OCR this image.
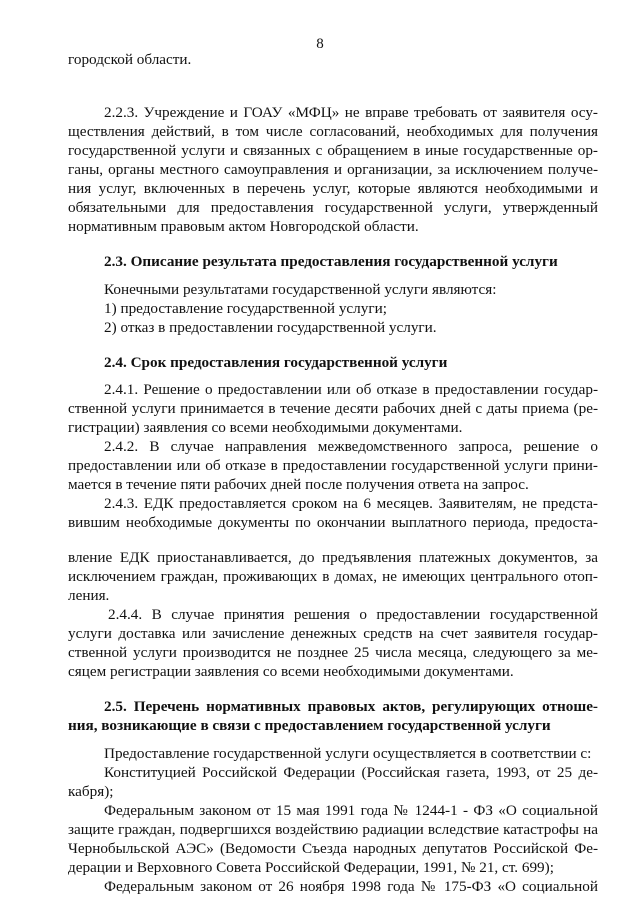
8
городской области.
2.2.3. Учреждение и ГОАУ «МФЦ» не вправе требовать от заявителя осу-
ществления действий, в том числе согласований, необходимых для получения
государственной услуги и связанных с обращением в иные государственные ор-
ганы, органы местного самоуправления и организации, за исключением получе-
ния услуг, включенных в перечень услуг, которые являются необходимыми и
обязательными для предоставления государственной услуги, утвержденный
нормативным правовым актом Новгородской области.
2.3. Описание результата предоставления государственной услуги
Конечными результатами государственной услуги являются:
1) предоставление государственной услуги;
2) отказ в предоставлении государственной услуги.
2.4. Срок предоставления государственной услуги
2.4.1. Решение о предоставлении или об отказе в предоставлении государ-
ственной услуги принимается в течение десяти рабочих дней с даты приема (ре-
гистрации) заявления со всеми необходимыми документами.
2.4.2. В случае направления межведомственного запроса, решение о
предоставлении или об отказе в предоставлении государственной услуги прини-
мается в течение пяти рабочих дней после получения ответа на запрос.
2.4.3. ЕДК предоставляется сроком на 6 месяцев. Заявителям, не предста-
вившим необходимые документы по окончании выплатного периода, предоста-
вление ЕДК приостанавливается, до предъявления платежных документов, за
исключением граждан, проживающих в домах, не имеющих центрального отоп-
ления.
2.4.4. В случае принятия решения о предоставлении государственной
услуги доставка или зачисление денежных средств на счет заявителя государ-
ственной услуги производится не позднее 25 числа месяца, следующего за ме-
сяцем регистрации заявления со всеми необходимыми документами.
2.5. Перечень нормативных правовых актов, регулирующих отноше-
ния, возникающие в связи с предоставлением государственной услуги
Предоставление государственной услуги осуществляется в соответствии с:
Конституцией Российской Федерации (Российская газета, 1993, от 25 де-
кабря);
Федеральным законом от 15 мая 1991 года № 1244-1 - ФЗ «О социальной
защите граждан, подвергшихся воздействию радиации вследствие катастрофы на
Чернобыльской АЭС» (Ведомости Съезда народных депутатов Российской Фе-
дерации и Верховного Совета Российской Федерации, 1991, № 21, ст. 699);
Федеральным законом от 26 ноября 1998 года № 175-ФЗ «О социальной
